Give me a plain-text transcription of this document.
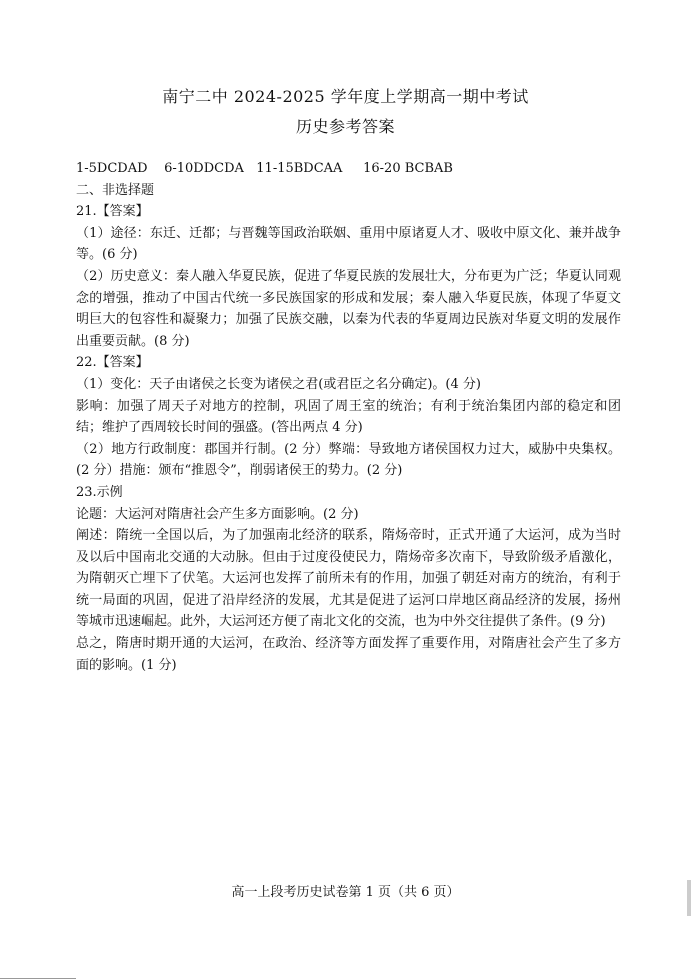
南宁二中 2024-2025 学年度上学期高一期中考试
历史参考答案
1-5DCDAD    6-10DDCDA   11-15BDCAA     16-20 BCBAB
二、非选择题
21.【答案】
（1）途径：东迁、迁都；与晋魏等国政治联姻、重用中原诸夏人才、吸收中原文化、兼并战争等。(6 分)
（2）历史意义：秦人融入华夏民族，促进了华夏民族的发展壮大，分布更为广泛；华夏认同观念的增强，推动了中国古代统一多民族国家的形成和发展；秦人融入华夏民族，体现了华夏文明巨大的包容性和凝聚力；加强了民族交融，以秦为代表的华夏周边民族对华夏文明的发展作出重要贡献。(8 分)
22.【答案】
（1）变化：天子由诸侯之长变为诸侯之君(或君臣之名分确定)。(4 分)
影响：加强了周天子对地方的控制，巩固了周王室的统治；有利于统治集团内部的稳定和团结；维护了西周较长时间的强盛。(答出两点 4 分)
（2）地方行政制度：郡国并行制。(2 分）弊端：导致地方诸侯国权力过大，威胁中央集权。(2 分）措施：颁布“推恩令”，削弱诸侯王的势力。(2 分)
23.示例
论题：大运河对隋唐社会产生多方面影响。(2 分)
阐述：隋统一全国以后，为了加强南北经济的联系，隋炀帝时，正式开通了大运河，成为当时及以后中国南北交通的大动脉。但由于过度役使民力，隋炀帝多次南下，导致阶级矛盾激化，为隋朝灭亡埋下了伏笔。大运河也发挥了前所未有的作用，加强了朝廷对南方的统治，有利于统一局面的巩固，促进了沿岸经济的发展，尤其是促进了运河口岸地区商品经济的发展，扬州等城市迅速崛起。此外，大运河还方便了南北文化的交流，也为中外交往提供了条件。(9 分)
总之，隋唐时期开通的大运河，在政治、经济等方面发挥了重要作用，对隋唐社会产生了多方面的影响。(1 分)
高一上段考历史试卷第 1 页（共 6 页）
